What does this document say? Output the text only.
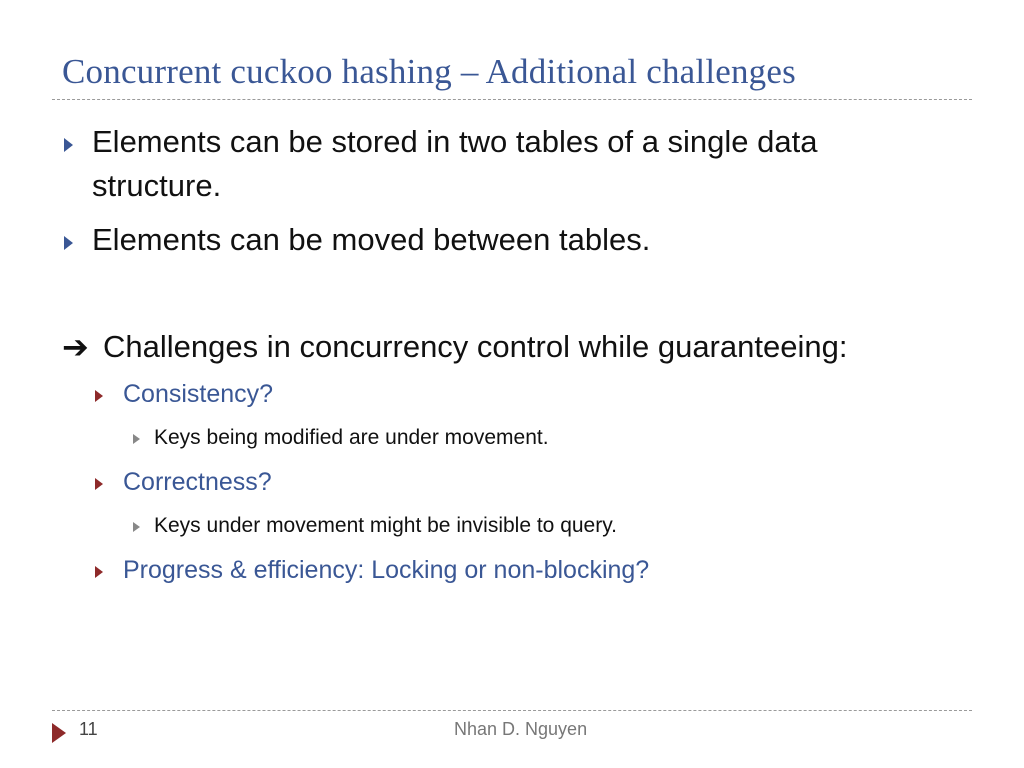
Concurrent cuckoo hashing – Additional challenges
Elements can be stored in two tables of a single data
structure.
Elements can be moved between tables.
➔ Challenges in concurrency control while guaranteeing:
Consistency?
Keys being modified are under movement.
Correctness?
Keys under movement might be invisible to query.
Progress & efficiency: Locking or non-blocking?
11	Nhan D. Nguyen
